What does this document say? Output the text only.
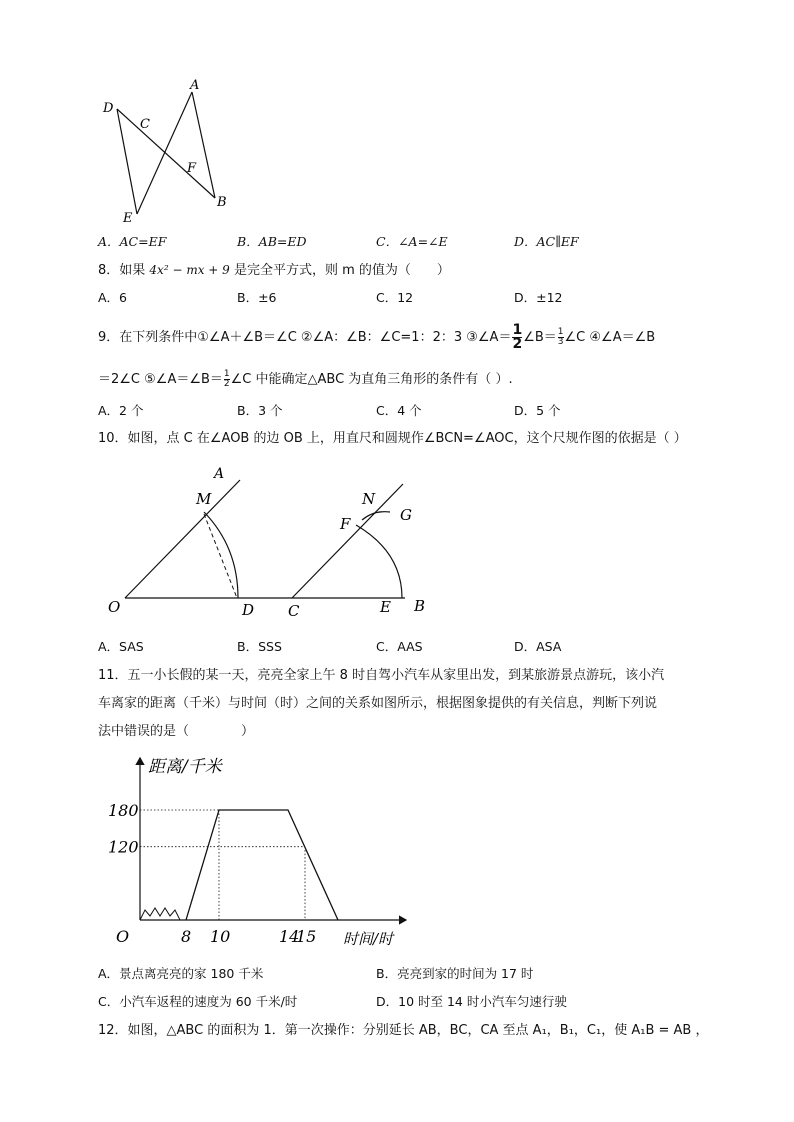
D
A
C
F
B
E
A．AC=EF	B．AB=ED	C．∠A=∠E	D．AC∥EF
8．如果 4x² − mx + 9 是完全平方式，则 m 的值为（　　）
A．6	B．±6	C．12	D．±12
9．在下列条件中①∠A＋∠B＝∠C ②∠A：∠B：∠C=1：2：3 ③∠A＝ $\frac{1}{2}$ ∠B＝ $\frac{1}{3}$ ∠C ④∠A＝∠B
＝2∠C ⑤∠A＝∠B＝ $\frac{1}{2}$ ∠C 中能确定△ABC 为直角三角形的条件有（ ）.
A．2 个	B．3 个	C．4 个	D．5 个
10．如图，点 C 在∠AOB 的边 OB 上，用直尺和圆规作∠BCN=∠AOC，这个尺规作图的依据是（ ）
A
M
O	D
N
G
F
C	E B
A．SAS	B．SSS	C．AAS	D．ASA
11．五一小长假的某一天，亮亮全家上午 8 时自驾小汽车从家里出发，到某旅游景点游玩，该小汽
车离家的距离（千米）与时间（时）之间的关系如图所示，根据图象提供的有关信息，判断下列说
法中错误的是（　　　　）
距离/千米
时间/时
O
180
120
8 10	14
15
A．景点离亮亮的家 180 千米	B．亮亮到家的时间为 17 时
C．小汽车返程的速度为 60 千米/时	D．10 时至 14 时小汽车匀速行驶
12．如图，△ABC 的面积为 1．第一次操作：分别延长 AB，BC，CA 至点 A₁，B₁，C₁，使 A₁B = AB ，
